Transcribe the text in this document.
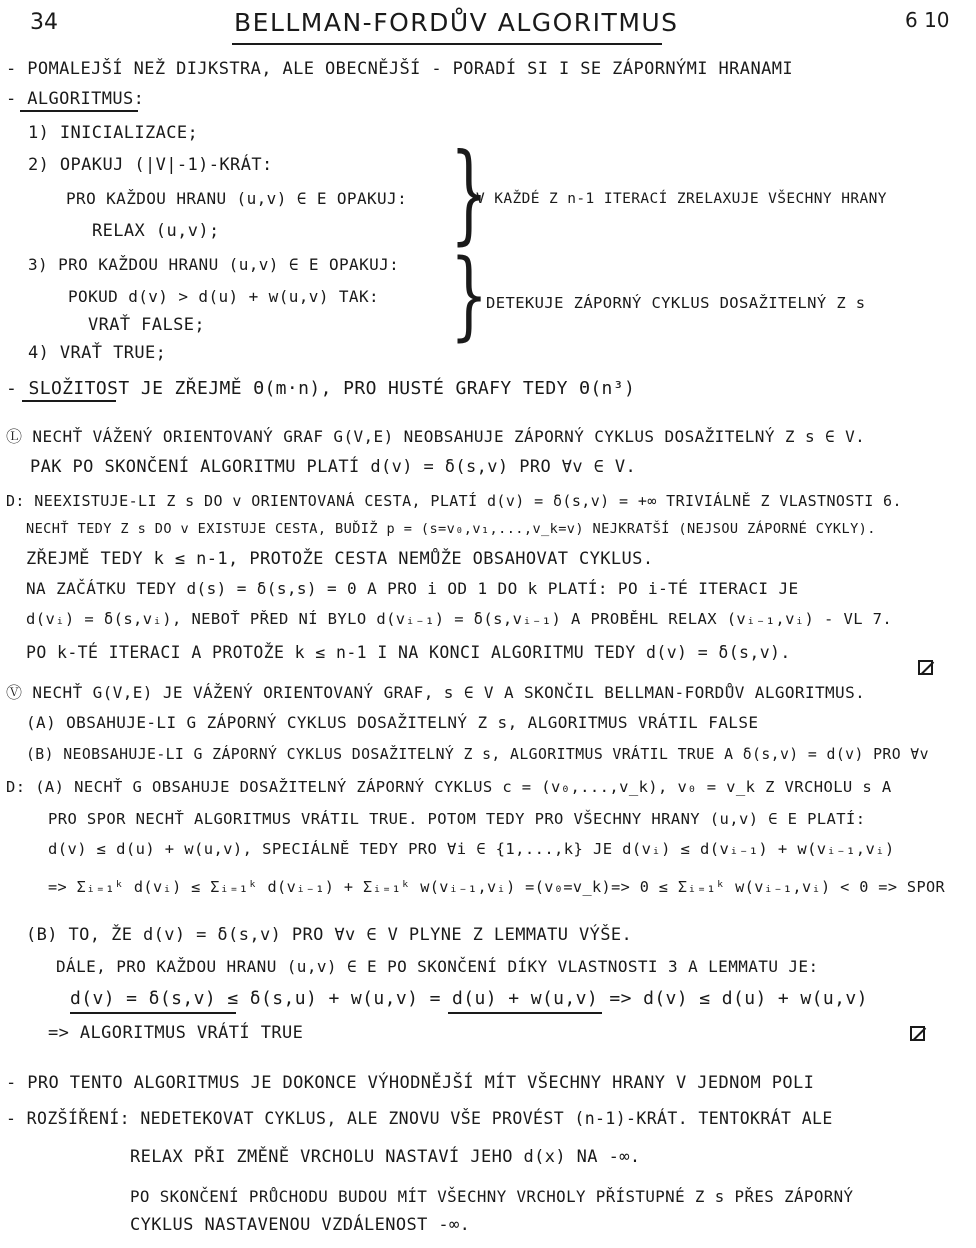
34	BELLMAN-FORDŮV ALGORITMUS	6 10
- POMALEJŠÍ NEŽ DIJKSTRA, ALE OBECNĚJŠÍ - PORADÍ SI I SE ZÁPORNÝMI HRANAMI
- ALGORITMUS:
1) INICIALIZACE;
2) OPAKUJ (|V|-1)-KRÁT:
PRO KAŽDOU HRANU (u,v) ∈ E OPAKUJ:	V KAŽDÉ Z n-1 ITERACÍ ZRELAXUJE VŠECHNY HRANY
RELAX (u,v);
3) PRO KAŽDOU HRANU (u,v) ∈ E OPAKUJ:
POKUD d(v) > d(u) + w(u,v) TAK:	DETEKUJE ZÁPORNÝ CYKLUS DOSAŽITELNÝ Z s
VRAŤ FALSE;
4) VRAŤ TRUE;
}
}
- SLOŽITOST JE ZŘEJMĚ Θ(m·n), PRO HUSTÉ GRAFY TEDY Θ(n³)
Ⓛ NECHŤ VÁŽENÝ ORIENTOVANÝ GRAF G(V,E) NEOBSAHUJE ZÁPORNÝ CYKLUS DOSAŽITELNÝ Z s ∈ V.
PAK PO SKONČENÍ ALGORITMU PLATÍ d(v) = δ(s,v) PRO ∀v ∈ V.
D: NEEXISTUJE-LI Z s DO v ORIENTOVANÁ CESTA, PLATÍ d(v) = δ(s,v) = +∞ TRIVIÁLNĚ Z VLASTNOSTI 6.
NECHŤ TEDY Z s DO v EXISTUJE CESTA, BUĎIŽ p = (s=v₀,v₁,...,v_k=v) NEJKRATŠÍ (NEJSOU ZÁPORNÉ CYKLY).
ZŘEJMĚ TEDY k ≤ n-1, PROTOŽE CESTA NEMŮŽE OBSAHOVAT CYKLUS.
NA ZAČÁTKU TEDY d(s) = δ(s,s) = 0 A PRO i OD 1 DO k PLATÍ: PO i-TÉ ITERACI JE
d(vᵢ) = δ(s,vᵢ), NEBOŤ PŘED NÍ BYLO d(vᵢ₋₁) = δ(s,vᵢ₋₁) A PROBĚHL RELAX (vᵢ₋₁,vᵢ) - VL 7.
PO k-TÉ ITERACI A PROTOŽE k ≤ n-1 I NA KONCI ALGORITMU TEDY d(v) = δ(s,v).
Ⓥ NECHŤ G(V,E) JE VÁŽENÝ ORIENTOVANÝ GRAF, s ∈ V A SKONČIL BELLMAN-FORDŮV ALGORITMUS.
(A) OBSAHUJE-LI G ZÁPORNÝ CYKLUS DOSAŽITELNÝ Z s, ALGORITMUS VRÁTIL FALSE
(B) NEOBSAHUJE-LI G ZÁPORNÝ CYKLUS DOSAŽITELNÝ Z s, ALGORITMUS VRÁTIL TRUE A δ(s,v) = d(v) PRO ∀v
D: (A) NECHŤ G OBSAHUJE DOSAŽITELNÝ ZÁPORNÝ CYKLUS c = (v₀,...,v_k), v₀ = v_k Z VRCHOLU s A
PRO SPOR NECHŤ ALGORITMUS VRÁTIL TRUE. POTOM TEDY PRO VŠECHNY HRANY (u,v) ∈ E PLATÍ:
d(v) ≤ d(u) + w(u,v), SPECIÁLNĚ TEDY PRO ∀i ∈ {1,...,k} JE d(vᵢ) ≤ d(vᵢ₋₁) + w(vᵢ₋₁,vᵢ)
=> Σᵢ₌₁ᵏ d(vᵢ) ≤ Σᵢ₌₁ᵏ d(vᵢ₋₁) + Σᵢ₌₁ᵏ w(vᵢ₋₁,vᵢ) =(v₀=v_k)=> 0 ≤ Σᵢ₌₁ᵏ w(vᵢ₋₁,vᵢ) < 0 => SPOR
(B) TO, ŽE d(v) = δ(s,v) PRO ∀v ∈ V PLYNE Z LEMMATU VÝŠE.
DÁLE, PRO KAŽDOU HRANU (u,v) ∈ E PO SKONČENÍ DÍKY VLASTNOSTI 3 A LEMMATU JE:
d(v) = δ(s,v) ≤ δ(s,u) + w(u,v) = d(u) + w(u,v) => d(v) ≤ d(u) + w(u,v)
=> ALGORITMUS VRÁTÍ TRUE
- PRO TENTO ALGORITMUS JE DOKONCE VÝHODNĚJŠÍ MÍT VŠECHNY HRANY V JEDNOM POLI
- ROZŠÍŘENÍ: NEDETEKOVAT CYKLUS, ALE ZNOVU VŠE PROVÉST (n-1)-KRÁT. TENTOKRÁT ALE
RELAX PŘI ZMĚNĚ VRCHOLU NASTAVÍ JEHO d(x) NA -∞.
PO SKONČENÍ PRŮCHODU BUDOU MÍT VŠECHNY VRCHOLY PŘÍSTUPNÉ Z s PŘES ZÁPORNÝ
CYKLUS NASTAVENOU VZDÁLENOST -∞.
